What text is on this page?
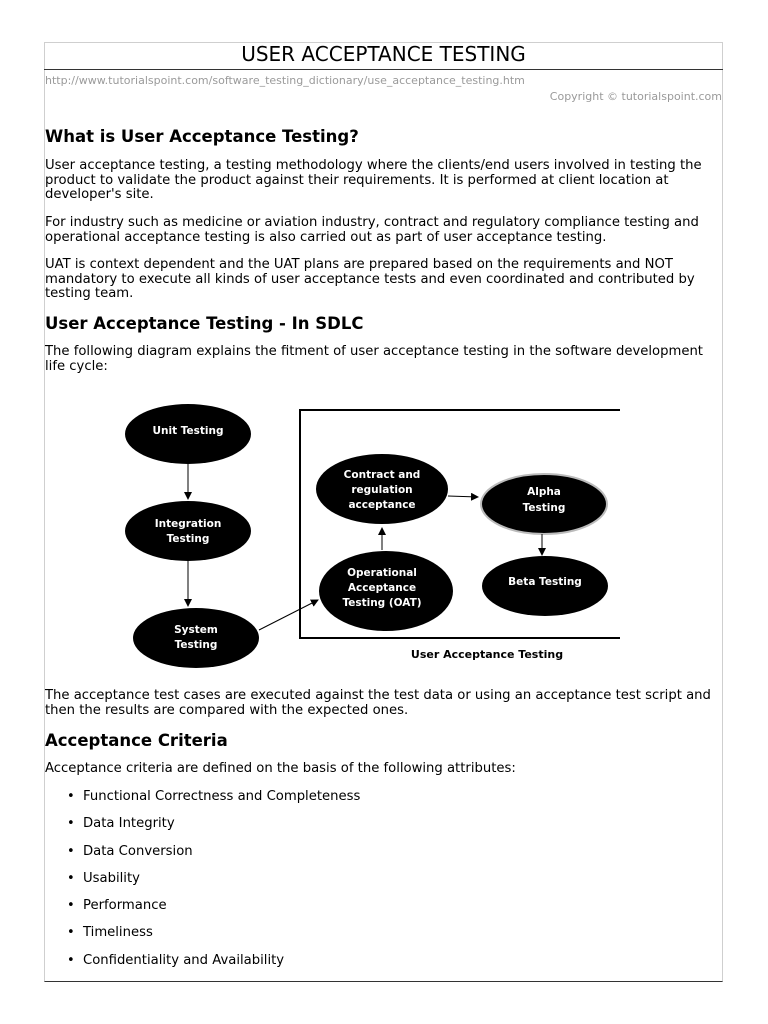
USER ACCEPTANCE TESTING
http://www.tutorialspoint.com/software_testing_dictionary/use_acceptance_testing.htm
Copyright © tutorialspoint.com
What is User Acceptance Testing?

User acceptance testing, a testing methodology where the clients/end users involved in testing the product to validate the product against their requirements. It is performed at client location at developer's site.

For industry such as medicine or aviation industry, contract and regulatory compliance testing and operational acceptance testing is also carried out as part of user acceptance testing.

UAT is context dependent and the UAT plans are prepared based on the requirements and NOT mandatory to execute all kinds of user acceptance tests and even coordinated and contributed by testing team.

User Acceptance Testing - In SDLC

The following diagram explains the fitment of user acceptance testing in the software development life cycle:

Unit Testing
Integration
Testing
System
Testing
Contract and
regulation
acceptance
Operational
Acceptance
Testing (OAT)
Alpha
Testing
Beta Testing
User Acceptance Testing

The acceptance test cases are executed against the test data or using an acceptance test script and then the results are compared with the expected ones.

Acceptance Criteria

Acceptance criteria are defined on the basis of the following attributes:

• Functional Correctness and Completeness
• Data Integrity
• Data Conversion
• Usability
• Performance
• Timeliness
• Confidentiality and Availability
